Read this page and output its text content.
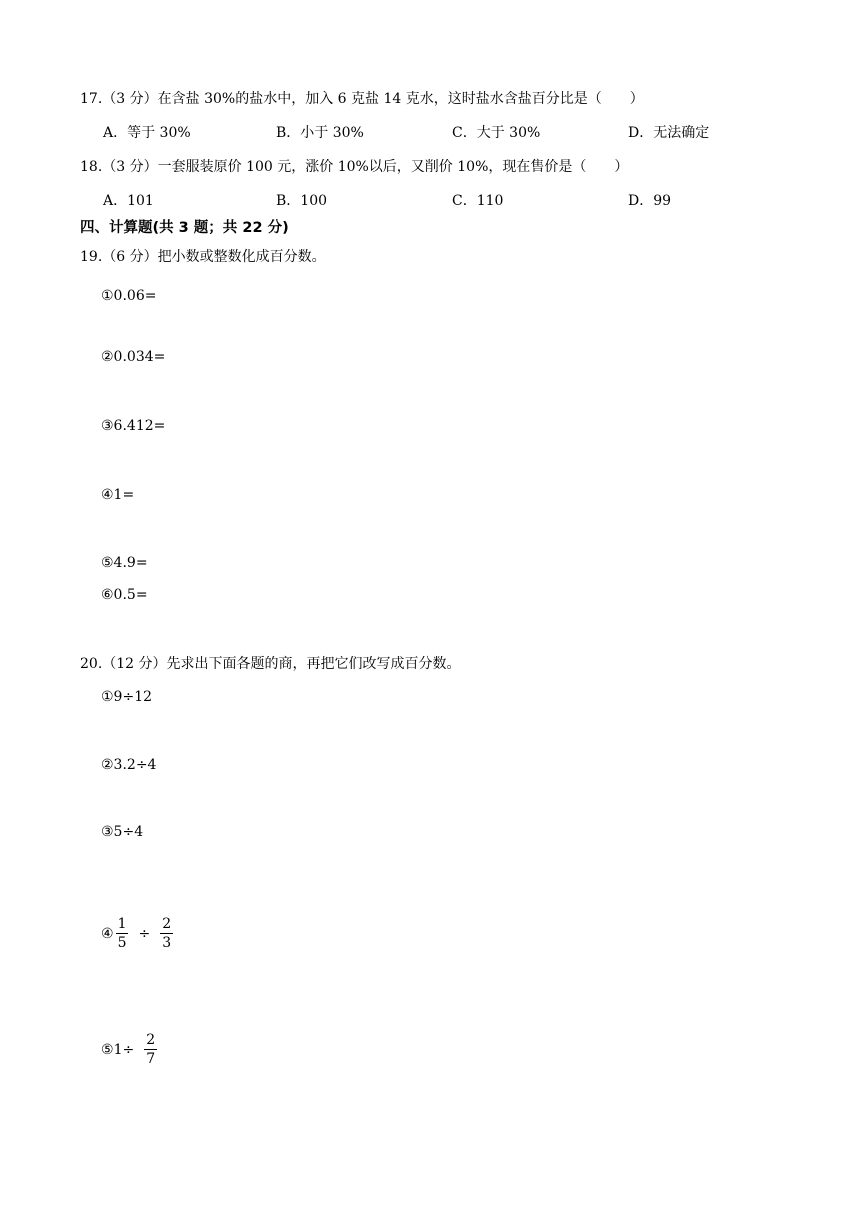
17.（3 分）在含盐 30%的盐水中，加入 6 克盐 14 克水，这时盐水含盐百分比是（　　）
A．等于 30%	B．小于 30%	C．大于 30%	D．无法确定
18.（3 分）一套服装原价 100 元，涨价 10%以后，又削价 10%，现在售价是（　　）
A．101	B．100	C．110	D．99
四、计算题(共 3 题；共 22 分)
19.（6 分）把小数或整数化成百分数。
①0.06=
②0.034=
③6.412=
④1=
⑤4.9=
⑥0.5=
20.（12 分）先求出下面各题的商，再把它们改写成百分数。
①9÷12
②3.2÷4
③5÷4
④ $\frac{1}{5} \div \frac{2}{3}$
⑤ $1\div \frac{2}{7}$
